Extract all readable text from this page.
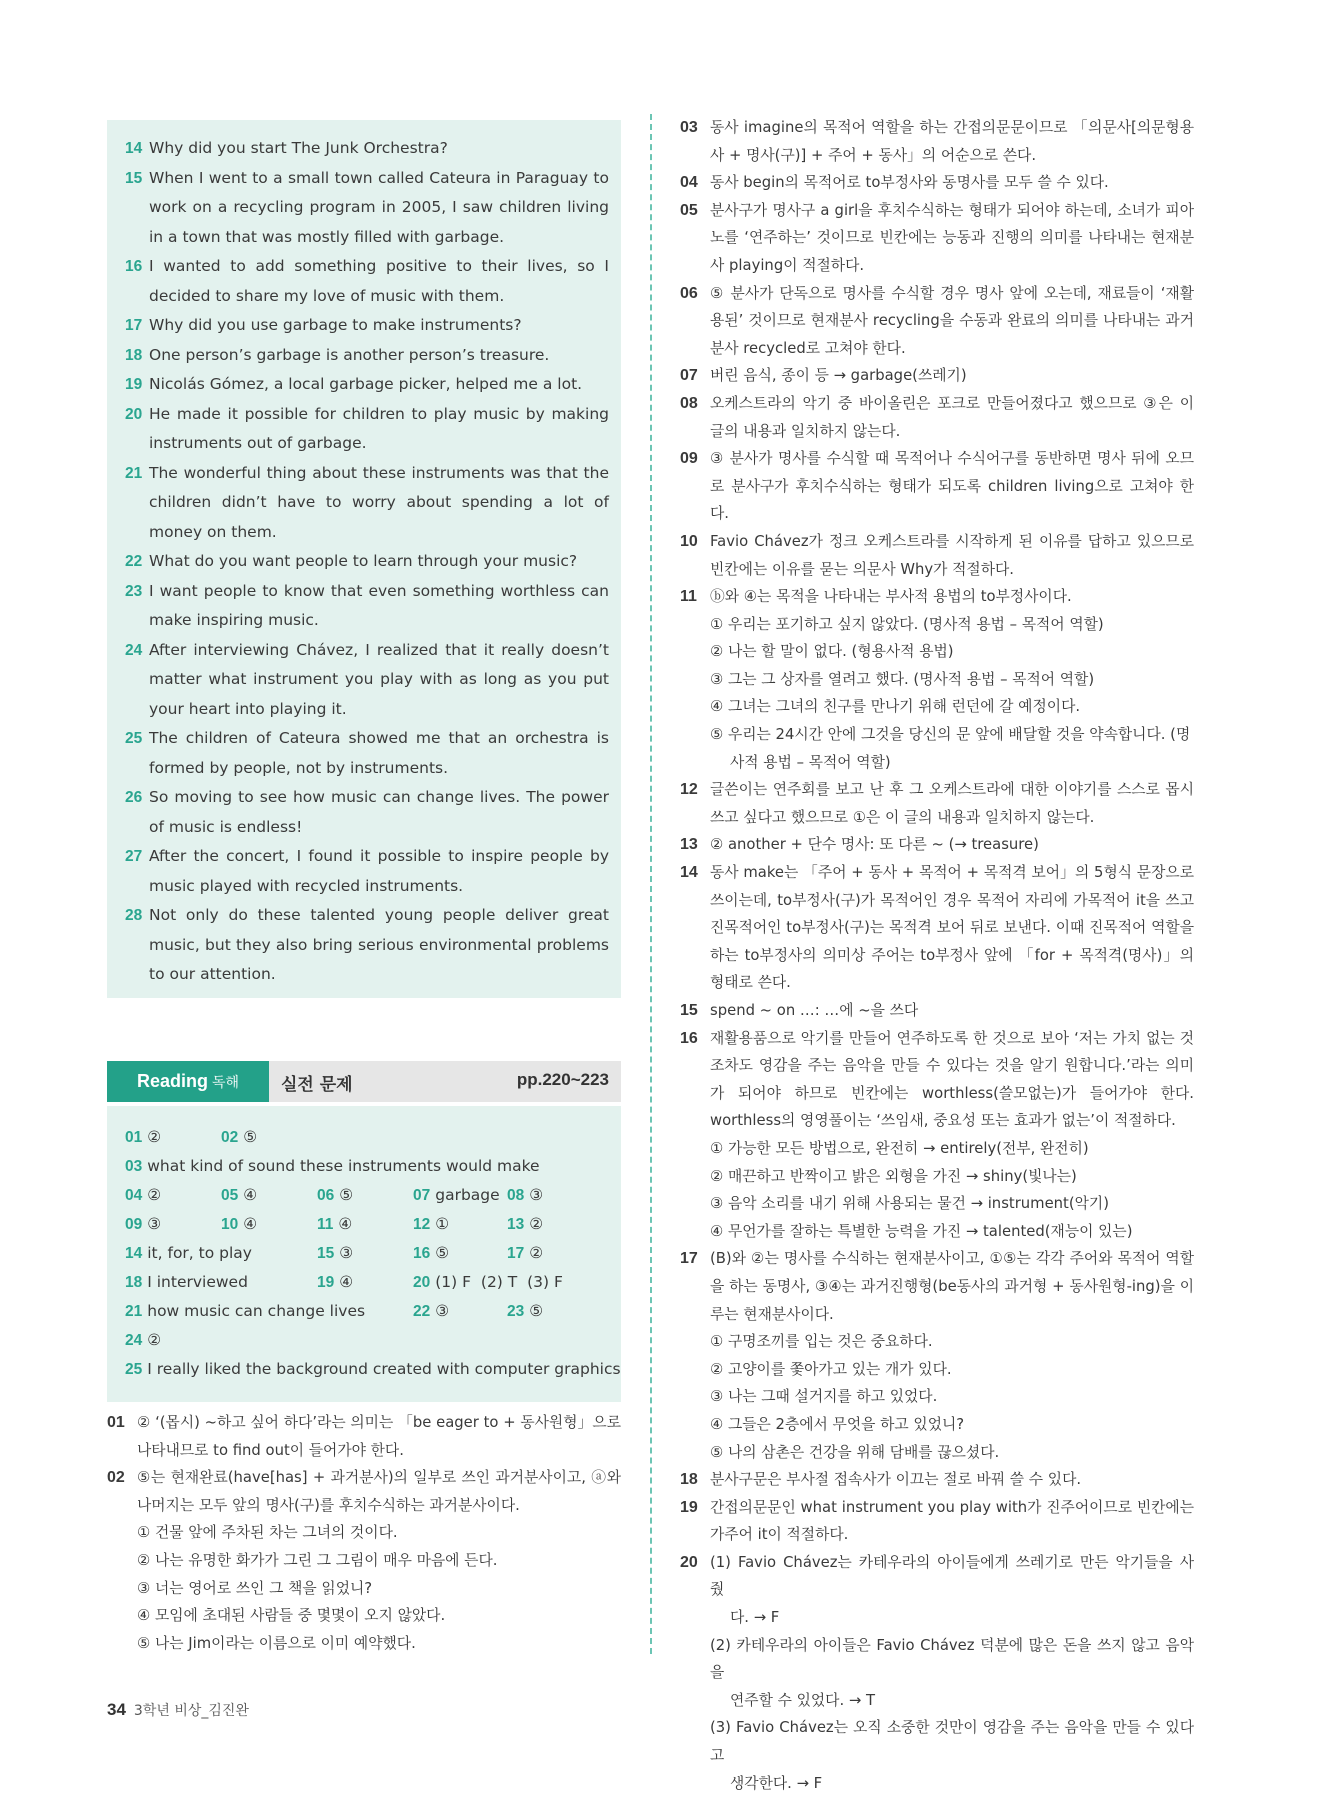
14 Why did you start The Junk Orchestra?
15 When I went to a small town called Cateura in Paraguay to work on a recycling program in 2005, I saw children living in a town that was mostly filled with garbage.
16 I wanted to add something positive to their lives, so I decided to share my love of music with them.
17 Why did you use garbage to make instruments?
18 One person’s garbage is another person’s treasure.
19 Nicolás Gómez, a local garbage picker, helped me a lot.
20 He made it possible for children to play music by making instruments out of garbage.
21 The wonderful thing about these instruments was that the children didn’t have to worry about spending a lot of money on them.
22 What do you want people to learn through your music?
23 I want people to know that even something worthless can make inspiring music.
24 After interviewing Chávez, I realized that it really doesn’t matter what instrument you play with as long as you put your heart into playing it.
25 The children of Cateura showed me that an orchestra is formed by people, not by instruments.
26 So moving to see how music can change lives. The power of music is endless!
27 After the concert, I found it possible to inspire people by music played with recycled instruments.
28 Not only do these talented young people deliver great music, but they also bring serious environmental problems to our attention.
Reading 독해 실전 문제	pp.220~223
01 ②	02 ⑤
03 what kind of sound these instruments would make
04 ②	05 ④	06 ⑤	07 garbage 08 ③
09 ③	10 ④	11 ④	12 ①	13 ②
14 it, for, to play	15 ③	16 ⑤	17 ②
18 I interviewed	19 ④	20 (1) F  (2) T  (3) F
21 how music can change lives	22 ③	23 ⑤
24 ②
25 I really liked the background created with computer graphics
01 ② ‘(몹시) ~하고 싶어 하다’라는 의미는 「be eager to + 동사원형」으로 나타내므로 to find out이 들어가야 한다.
02 ⑤는 현재완료(have[has] + 과거분사)의 일부로 쓰인 과거분사이고, ⓐ와 나머지는 모두 앞의 명사(구)를 후치수식하는 과거분사이다.
① 건물 앞에 주차된 차는 그녀의 것이다.
② 나는 유명한 화가가 그린 그 그림이 매우 마음에 든다.
③ 너는 영어로 쓰인 그 책을 읽었니?
④ 모임에 초대된 사람들 중 몇몇이 오지 않았다.
⑤ 나는 Jim이라는 이름으로 이미 예약했다.
03 동사 imagine의 목적어 역할을 하는 간접의문문이므로 「의문사[의문형용사 + 명사(구)] + 주어 + 동사」의 어순으로 쓴다.
04 동사 begin의 목적어로 to부정사와 동명사를 모두 쓸 수 있다.
05 분사구가 명사구 a girl을 후치수식하는 형태가 되어야 하는데, 소녀가 피아노를 ‘연주하는’ 것이므로 빈칸에는 능동과 진행의 의미를 나타내는 현재분사 playing이 적절하다.
06 ⑤ 분사가 단독으로 명사를 수식할 경우 명사 앞에 오는데, 재료들이 ‘재활용된’ 것이므로 현재분사 recycling을 수동과 완료의 의미를 나타내는 과거분사 recycled로 고쳐야 한다.
07 버린 음식, 종이 등 → garbage(쓰레기)
08 오케스트라의 악기 중 바이올린은 포크로 만들어졌다고 했으므로 ③은 이 글의 내용과 일치하지 않는다.
09 ③ 분사가 명사를 수식할 때 목적어나 수식어구를 동반하면 명사 뒤에 오므로 분사구가 후치수식하는 형태가 되도록 children living으로 고쳐야 한다.
10 Favio Chávez가 정크 오케스트라를 시작하게 된 이유를 답하고 있으므로 빈칸에는 이유를 묻는 의문사 Why가 적절하다.
11 ⓑ와 ④는 목적을 나타내는 부사적 용법의 to부정사이다.
① 우리는 포기하고 싶지 않았다. (명사적 용법 – 목적어 역할)
② 나는 할 말이 없다. (형용사적 용법)
③ 그는 그 상자를 열려고 했다. (명사적 용법 – 목적어 역할)
④ 그녀는 그녀의 친구를 만나기 위해 런던에 갈 예정이다.
⑤ 우리는 24시간 안에 그것을 당신의 문 앞에 배달할 것을 약속합니다. (명
사적 용법 – 목적어 역할)
12 글쓴이는 연주회를 보고 난 후 그 오케스트라에 대한 이야기를 스스로 몹시 쓰고 싶다고 했으므로 ①은 이 글의 내용과 일치하지 않는다.
13 ② another + 단수 명사: 또 다른 ~ (→ treasure)
14 동사 make는 「주어 + 동사 + 목적어 + 목적격 보어」의 5형식 문장으로 쓰이는데, to부정사(구)가 목적어인 경우 목적어 자리에 가목적어 it을 쓰고 진목적어인 to부정사(구)는 목적격 보어 뒤로 보낸다. 이때 진목적어 역할을 하는 to부정사의 의미상 주어는 to부정사 앞에 「for + 목적격(명사)」의 형태로 쓴다.
15 spend ~ on …: …에 ~을 쓰다
16 재활용품으로 악기를 만들어 연주하도록 한 것으로 보아 ‘저는 가치 없는 것조차도 영감을 주는 음악을 만들 수 있다는 것을 알기 원합니다.’라는 의미가 되어야 하므로 빈칸에는 worthless(쓸모없는)가 들어가야 한다. worthless의 영영풀이는 ‘쓰임새, 중요성 또는 효과가 없는’이 적절하다.
① 가능한 모든 방법으로, 완전히 → entirely(전부, 완전히)
② 매끈하고 반짝이고 밝은 외형을 가진 → shiny(빛나는)
③ 음악 소리를 내기 위해 사용되는 물건 → instrument(악기)
④ 무언가를 잘하는 특별한 능력을 가진 → talented(재능이 있는)
17 (B)와 ②는 명사를 수식하는 현재분사이고, ①⑤는 각각 주어와 목적어 역할을 하는 동명사, ③④는 과거진행형(be동사의 과거형 + 동사원형-ing)을 이루는 현재분사이다.
① 구명조끼를 입는 것은 중요하다.
② 고양이를 쫓아가고 있는 개가 있다.
③ 나는 그때 설거지를 하고 있었다.
④ 그들은 2층에서 무엇을 하고 있었니?
⑤ 나의 삼촌은 건강을 위해 담배를 끊으셨다.
18 분사구문은 부사절 접속사가 이끄는 절로 바꿔 쓸 수 있다.
19 간접의문문인 what instrument you play with가 진주어이므로 빈칸에는 가주어 it이 적절하다.
20 (1) Favio Chávez는 카테우라의 아이들에게 쓰레기로 만든 악기들을 사 줬
다. → F
(2) 카테우라의 아이들은 Favio Chávez 덕분에 많은 돈을 쓰지 않고 음악을
연주할 수 있었다. → T
(3) Favio Chávez는 오직 소중한 것만이 영감을 주는 음악을 만들 수 있다고
생각한다. → F
34 3학년 비상_김진완
